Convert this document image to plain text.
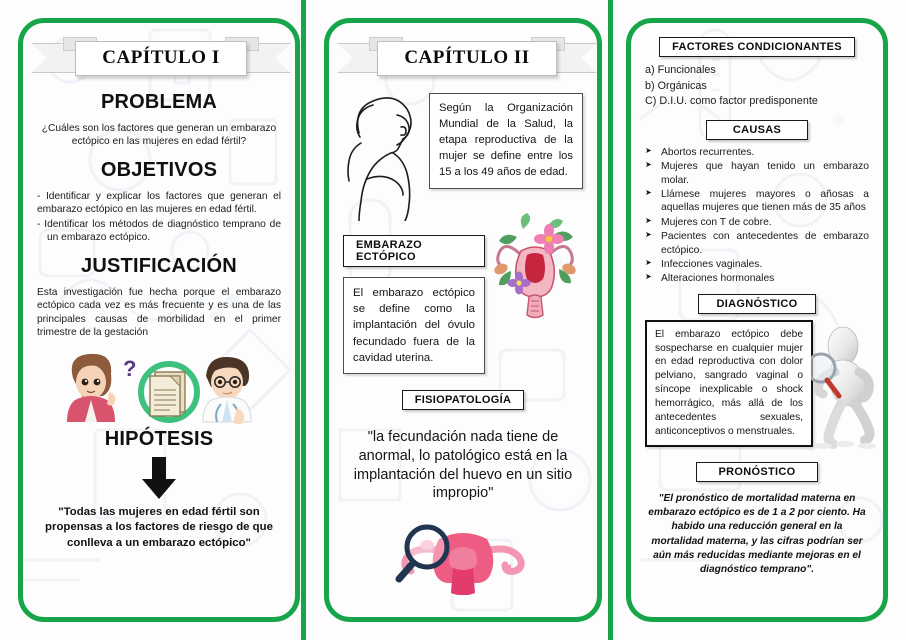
CAPÍTULO I
PROBLEMA
¿Cuáles son los factores que generan un embarazo ectópico en las mujeres en edad fértil?
OBJETIVOS
- Identificar y explicar los factores que generan el embarazo ectópico en las mujeres en edad fértil.
- Identificar los métodos de diagnóstico temprano de un embarazo ectópico.
JUSTIFICACIÓN
Esta investigación fue hecha porque el embarazo ectópico cada vez es más frecuente y es una de las principales causas de morbilidad en el primer trimestre de la gestación
?
HIPÓTESIS
"Todas las mujeres en edad fértil son propensas a los factores de riesgo de que conlleva a un embarazo ectópico"
CAPÍTULO II
Según la Organización Mundial de la Salud, la etapa reproductiva de la mujer se define entre los 15 a los 49 años de edad.
EMBARAZO ECTÓPICO
El embarazo ectópico se define como la implantación del óvulo fecundado fuera de la cavidad uterina.
FISIOPATOLOGÍA
"la fecundación nada tiene de anormal, lo patológico está en la implantación del huevo en un sitio impropio"
FACTORES CONDICIONANTES
a) Funcionales
b) Orgánicas
C) D.I.U. como factor predisponente
CAUSAS
➤ Abortos recurrentes.
➤ Mujeres que hayan tenido un embarazo molar.
➤ Llámese mujeres mayores o añosas a aquellas mujeres que tienen más de 35 años
➤ Mujeres con T de cobre.
➤ Pacientes con antecedentes de embarazo ectópico.
➤ Infecciones vaginales.
➤ Alteraciones hormonales
DIAGNÓSTICO
El embarazo ectópico debe sospecharse en cualquier mujer en edad reproductiva con dolor pelviano, sangrado vaginal o síncope inexplicable o shock hemorrágico, más allá de los antecedentes sexuales, anticonceptivos o menstruales.
PRONÓSTICO
"El pronóstico de mortalidad materna en embarazo ectópico es de 1 a 2 por ciento. Ha habido una reducción general en la mortalidad materna, y las cifras podrían ser aún más reducidas mediante mejoras en el diagnóstico temprano".
